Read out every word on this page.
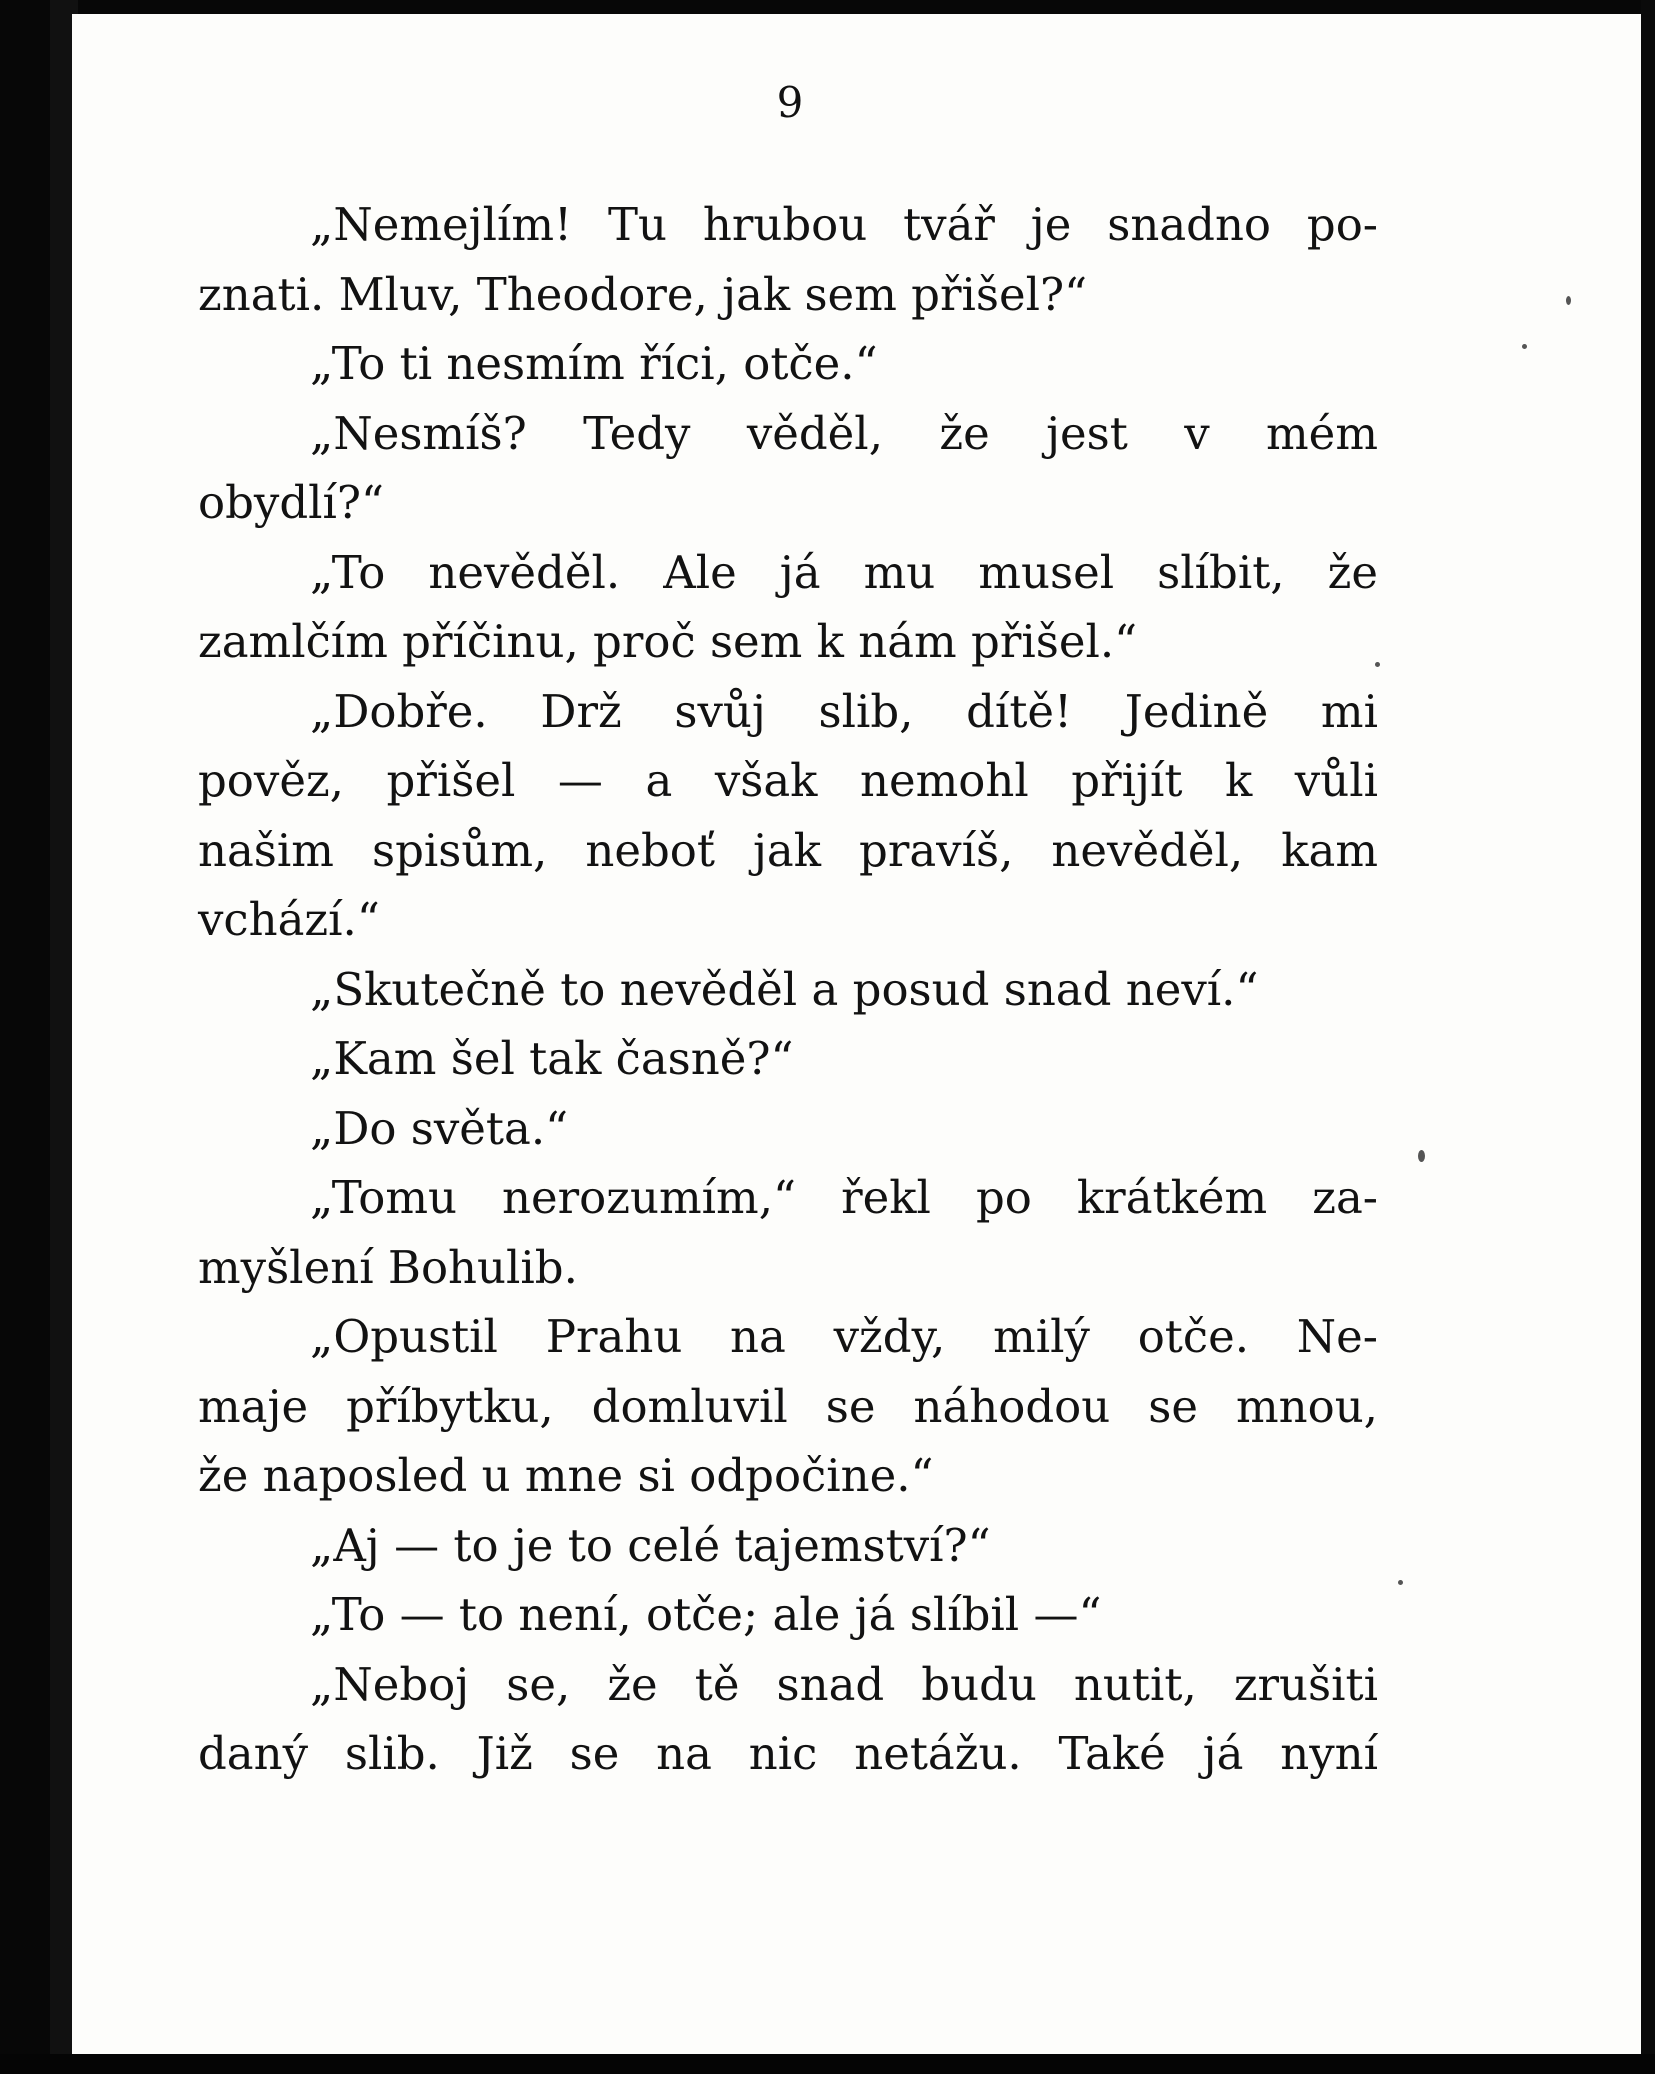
9
„Nemejlím! Tu hrubou tvář je snadno po-
znati. Mluv, Theodore, jak sem přišel?“
„To ti nesmím říci, otče.“
„Nesmíš? Tedy věděl, že jest v mém
obydlí?“
„To nevěděl. Ale já mu musel slíbit, že
zamlčím příčinu, proč sem k nám přišel.“
„Dobře. Drž svůj slib, dítě! Jedině mi
pověz, přišel — a však nemohl přijít k vůli
našim spisům, neboť jak pravíš, nevěděl, kam
vchází.“
„Skutečně to nevěděl a posud snad neví.“
„Kam šel tak časně?“
„Do světa.“
„Tomu nerozumím,“ řekl po krátkém za-
myšlení Bohulib.
„Opustil Prahu na vždy, milý otče. Ne-
maje příbytku, domluvil se náhodou se mnou,
že naposled u mne si odpočine.“
„Aj — to je to celé tajemství?“
„To — to není, otče; ale já slíbil —“
„Neboj se, že tě snad budu nutit, zrušiti
daný slib. Již se na nic netážu. Také já nyní
